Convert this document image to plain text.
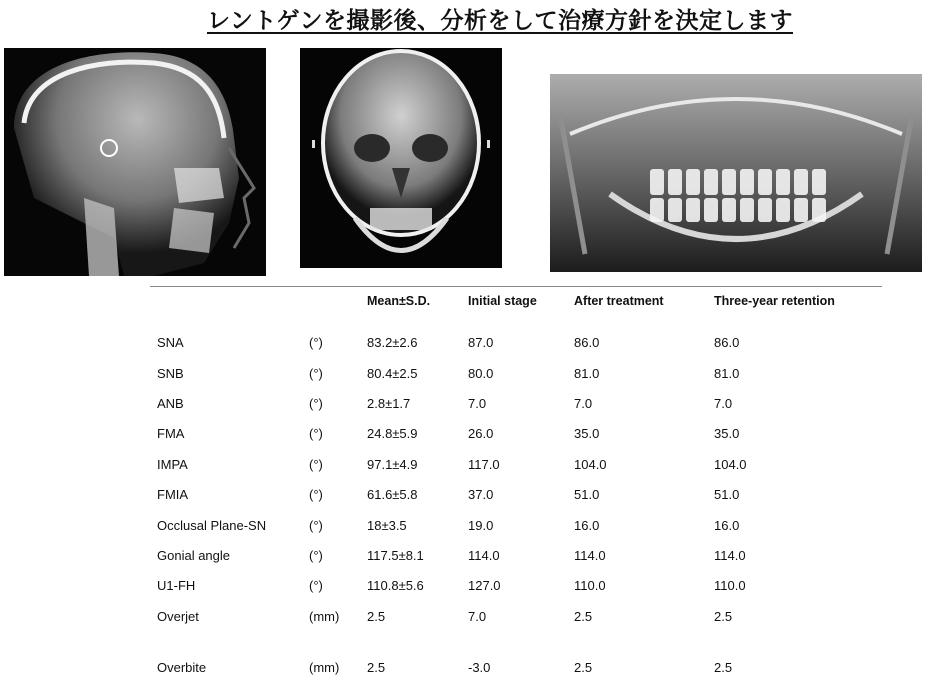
レントゲンを撮影後、分析をして治療方針を決定します
Mean±S.D.	Initial stage	After treatment	Three-year retention
SNA	(°)	83.2±2.6	87.0	86.0	86.0
SNB	(°)	80.4±2.5	80.0	81.0	81.0
ANB	(°)	2.8±1.7	7.0	7.0	7.0
FMA	(°)	24.8±5.9	26.0	35.0	35.0
IMPA	(°)	97.1±4.9	117.0	104.0	104.0
FMIA	(°)	61.6±5.8	37.0	51.0	51.0
Occlusal Plane-SN	(°)	18±3.5	19.0	16.0	16.0
Gonial angle	(°)	117.5±8.1	114.0	114.0	114.0
U1-FH	(°)	110.8±5.6	127.0	110.0	110.0
Overjet	(mm) 2.5	7.0	2.5	2.5
Overbite	(mm) 2.5	-3.0	2.5	2.5
